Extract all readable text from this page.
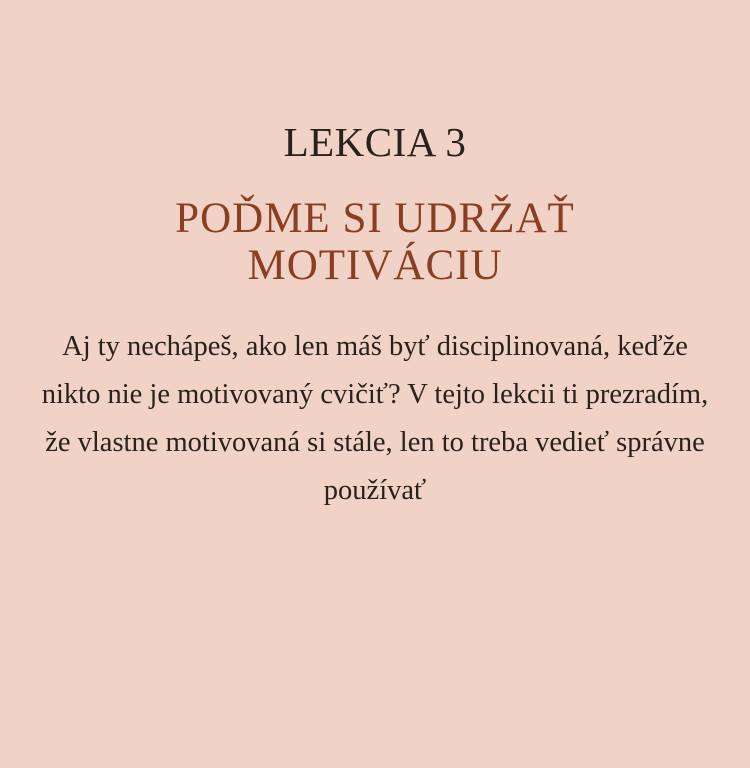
LEKCIA 3
POĎME SI UDRŽAŤ MOTIVÁCIU
Aj ty nechápeš, ako len máš byť disciplinovaná, keďže nikto nie je motivovaný cvičiť? V tejto lekcii ti prezradím, že vlastne motivovaná si stále, len to treba vedieť správne používať
